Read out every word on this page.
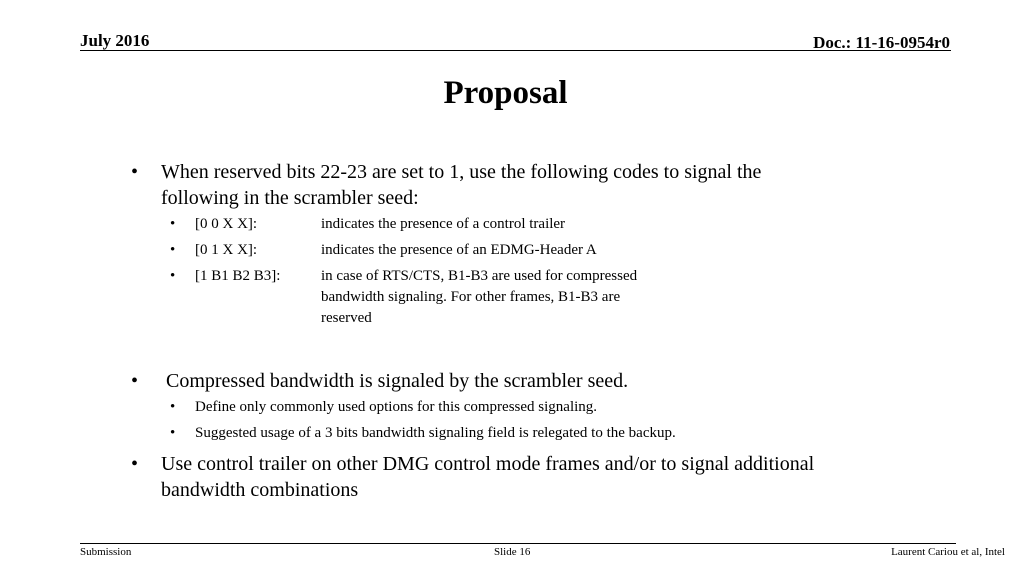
July 2016	Doc.: 11-16-0954r0
Proposal
•	When reserved bits 22-23 are set to 1, use the following codes to signal the
following in the scrambler seed:
• [0 0 X X]:	indicates the presence of a control trailer
• [0 1 X X]:	indicates the presence of an EDMG-Header A
• [1 B1 B2 B3]:	in case of RTS/CTS, B1-B3 are used for compressed
bandwidth signaling. For other frames, B1-B3 are
reserved
•	Compressed bandwidth is signaled by the scrambler seed.
• Define only commonly used options for this compressed signaling.
• Suggested usage of a 3 bits bandwidth signaling field is relegated to the backup.
•	Use control trailer on other DMG control mode frames and/or to signal additional
bandwidth combinations
Submission	Slide 16	Laurent Cariou et al, Intel
